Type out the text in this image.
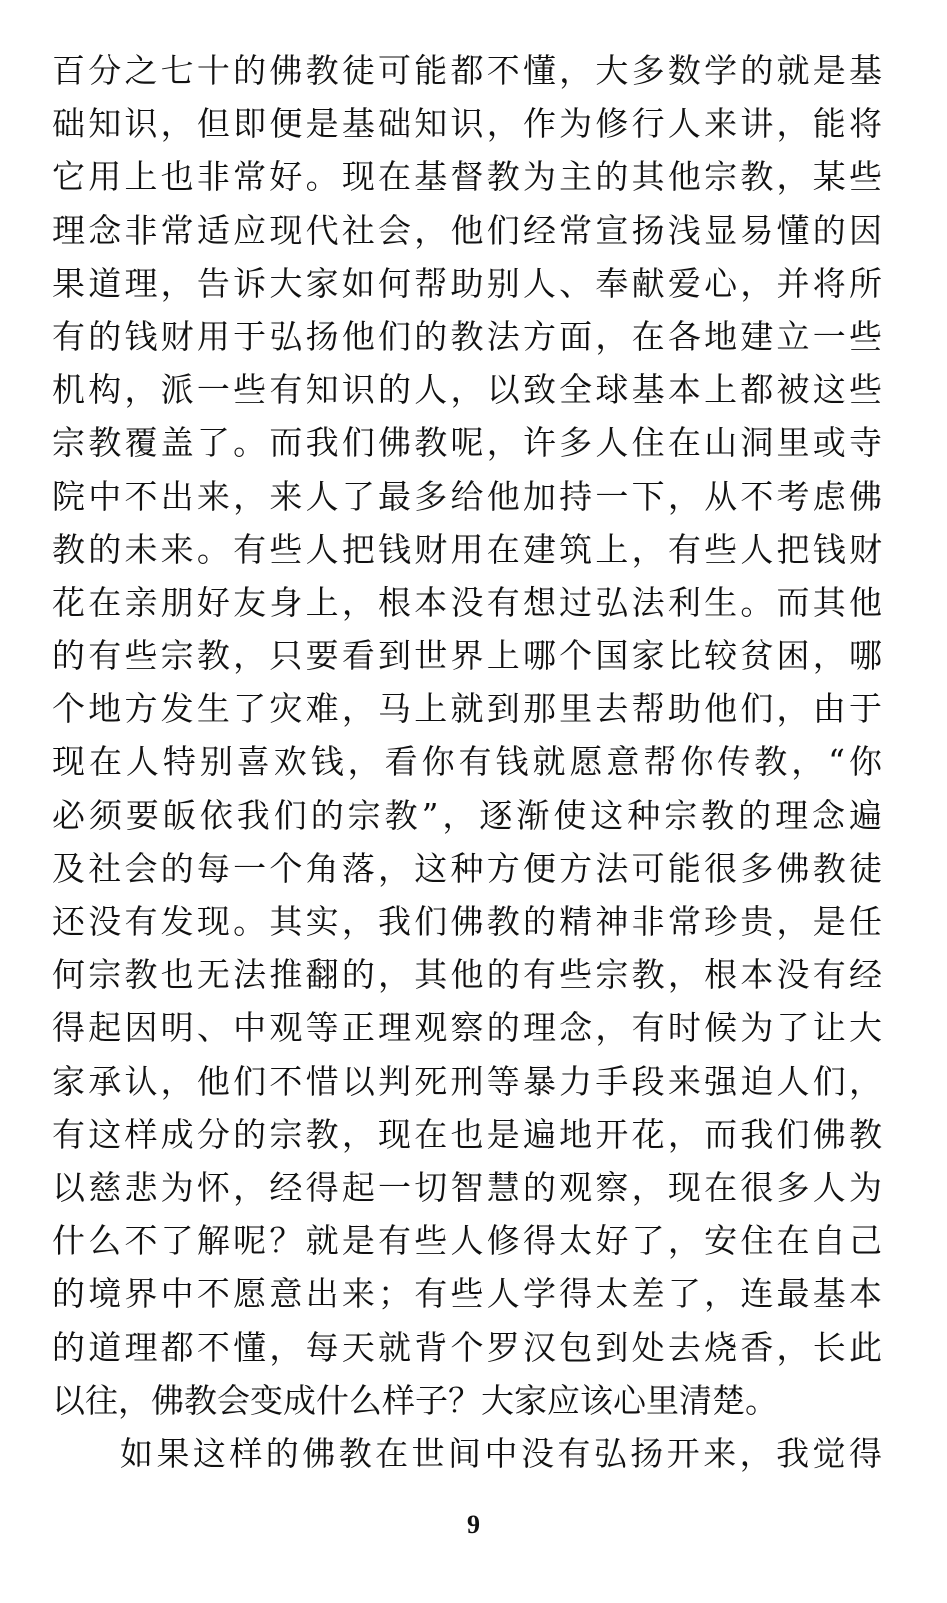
百分之七十的佛教徒可能都不懂，大多数学的就是基
础知识，但即便是基础知识，作为修行人来讲，能将
它用上也非常好。现在基督教为主的其他宗教，某些
理念非常适应现代社会，他们经常宣扬浅显易懂的因
果道理，告诉大家如何帮助别人、奉献爱心，并将所
有的钱财用于弘扬他们的教法方面，在各地建立一些
机构，派一些有知识的人，以致全球基本上都被这些
宗教覆盖了。而我们佛教呢，许多人住在山洞里或寺
院中不出来，来人了最多给他加持一下，从不考虑佛
教的未来。有些人把钱财用在建筑上，有些人把钱财
花在亲朋好友身上，根本没有想过弘法利生。而其他
的有些宗教，只要看到世界上哪个国家比较贫困，哪
个地方发生了灾难，马上就到那里去帮助他们，由于
现在人特别喜欢钱，看你有钱就愿意帮你传教，“你
必须要皈依我们的宗教”，逐渐使这种宗教的理念遍
及社会的每一个角落，这种方便方法可能很多佛教徒
还没有发现。其实，我们佛教的精神非常珍贵，是任
何宗教也无法推翻的，其他的有些宗教，根本没有经
得起因明、中观等正理观察的理念，有时候为了让大
家承认，他们不惜以判死刑等暴力手段来强迫人们，
有这样成分的宗教，现在也是遍地开花，而我们佛教
以慈悲为怀，经得起一切智慧的观察，现在很多人为
什么不了解呢？就是有些人修得太好了，安住在自己
的境界中不愿意出来；有些人学得太差了，连最基本
的道理都不懂，每天就背个罗汉包到处去烧香，长此
以往，佛教会变成什么样子？大家应该心里清楚。
如果这样的佛教在世间中没有弘扬开来，我觉得
9
